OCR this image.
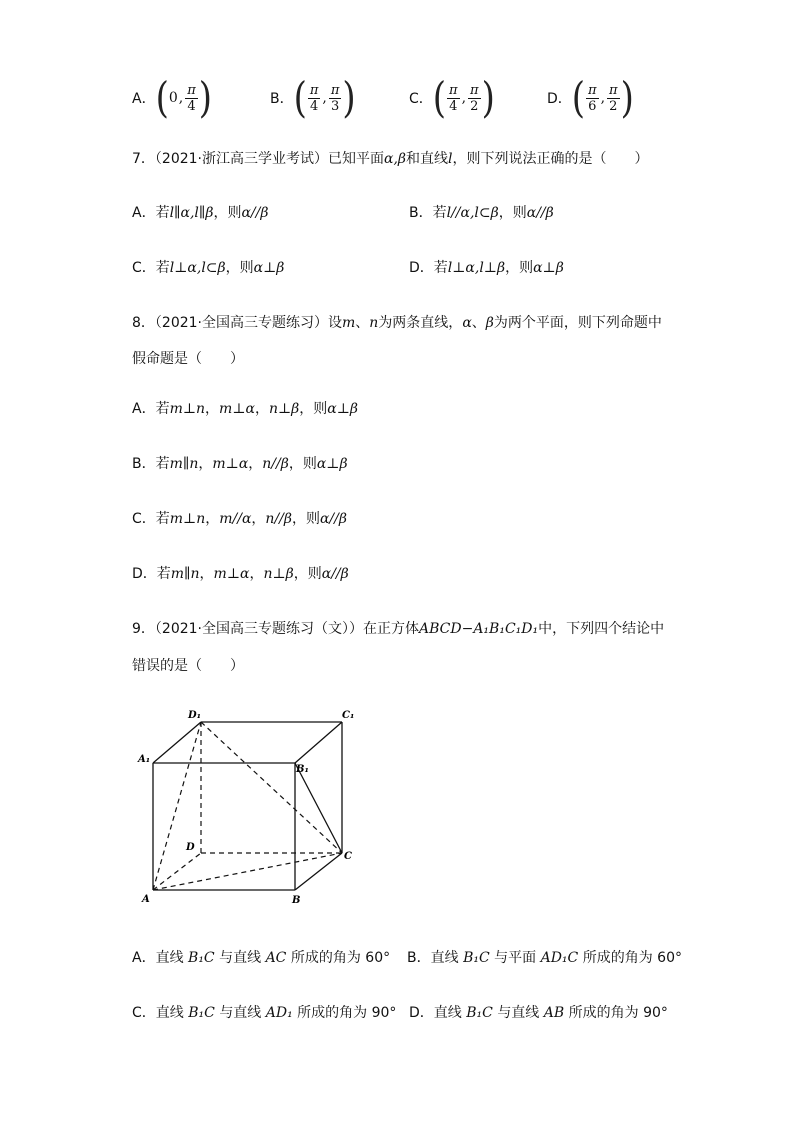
A． ( 0 , $\frac{\pi}{4}$ )	B． ( $\frac{\pi}{4}$ , $\frac{\pi}{3}$ )	C． ( $\frac{\pi}{4}$ , $\frac{\pi}{2}$ )	D． ( $\frac{\pi}{6}$ , $\frac{\pi}{2}$ )
7．（2021·浙江高三学业考试）已知平面α,β和直线l，则下列说法正确的是（　　）
A．若l∥α,l∥β，则α//β	B．若l//α,l⊂β，则α//β
C．若l⊥α,l⊂β，则α⊥β	D．若l⊥α,l⊥β，则α⊥β
8．（2021·全国高三专题练习）设m、n为两条直线，α、β为两个平面，则下列命题中
假命题是（　　）
A．若m⊥n，m⊥α，n⊥β，则α⊥β
B．若m∥n，m⊥α，n//β，则α⊥β
C．若m⊥n，m//α，n//β，则α//β
D．若m∥n，m⊥α，n⊥β，则α//β
9．（2021·全国高三专题练习（文））在正方体ABCD−A₁B₁C₁D₁中，下列四个结论中
错误的是（　　）
D₁	C₁
A₁
B₁
D
C
A	B
A．直线 B₁C 与直线 AC 所成的角为 60° B．直线 B₁C 与平面 AD₁C 所成的角为 60°
C．直线 B₁C 与直线 AD₁ 所成的角为 90° D．直线 B₁C 与直线 AB 所成的角为 90°
